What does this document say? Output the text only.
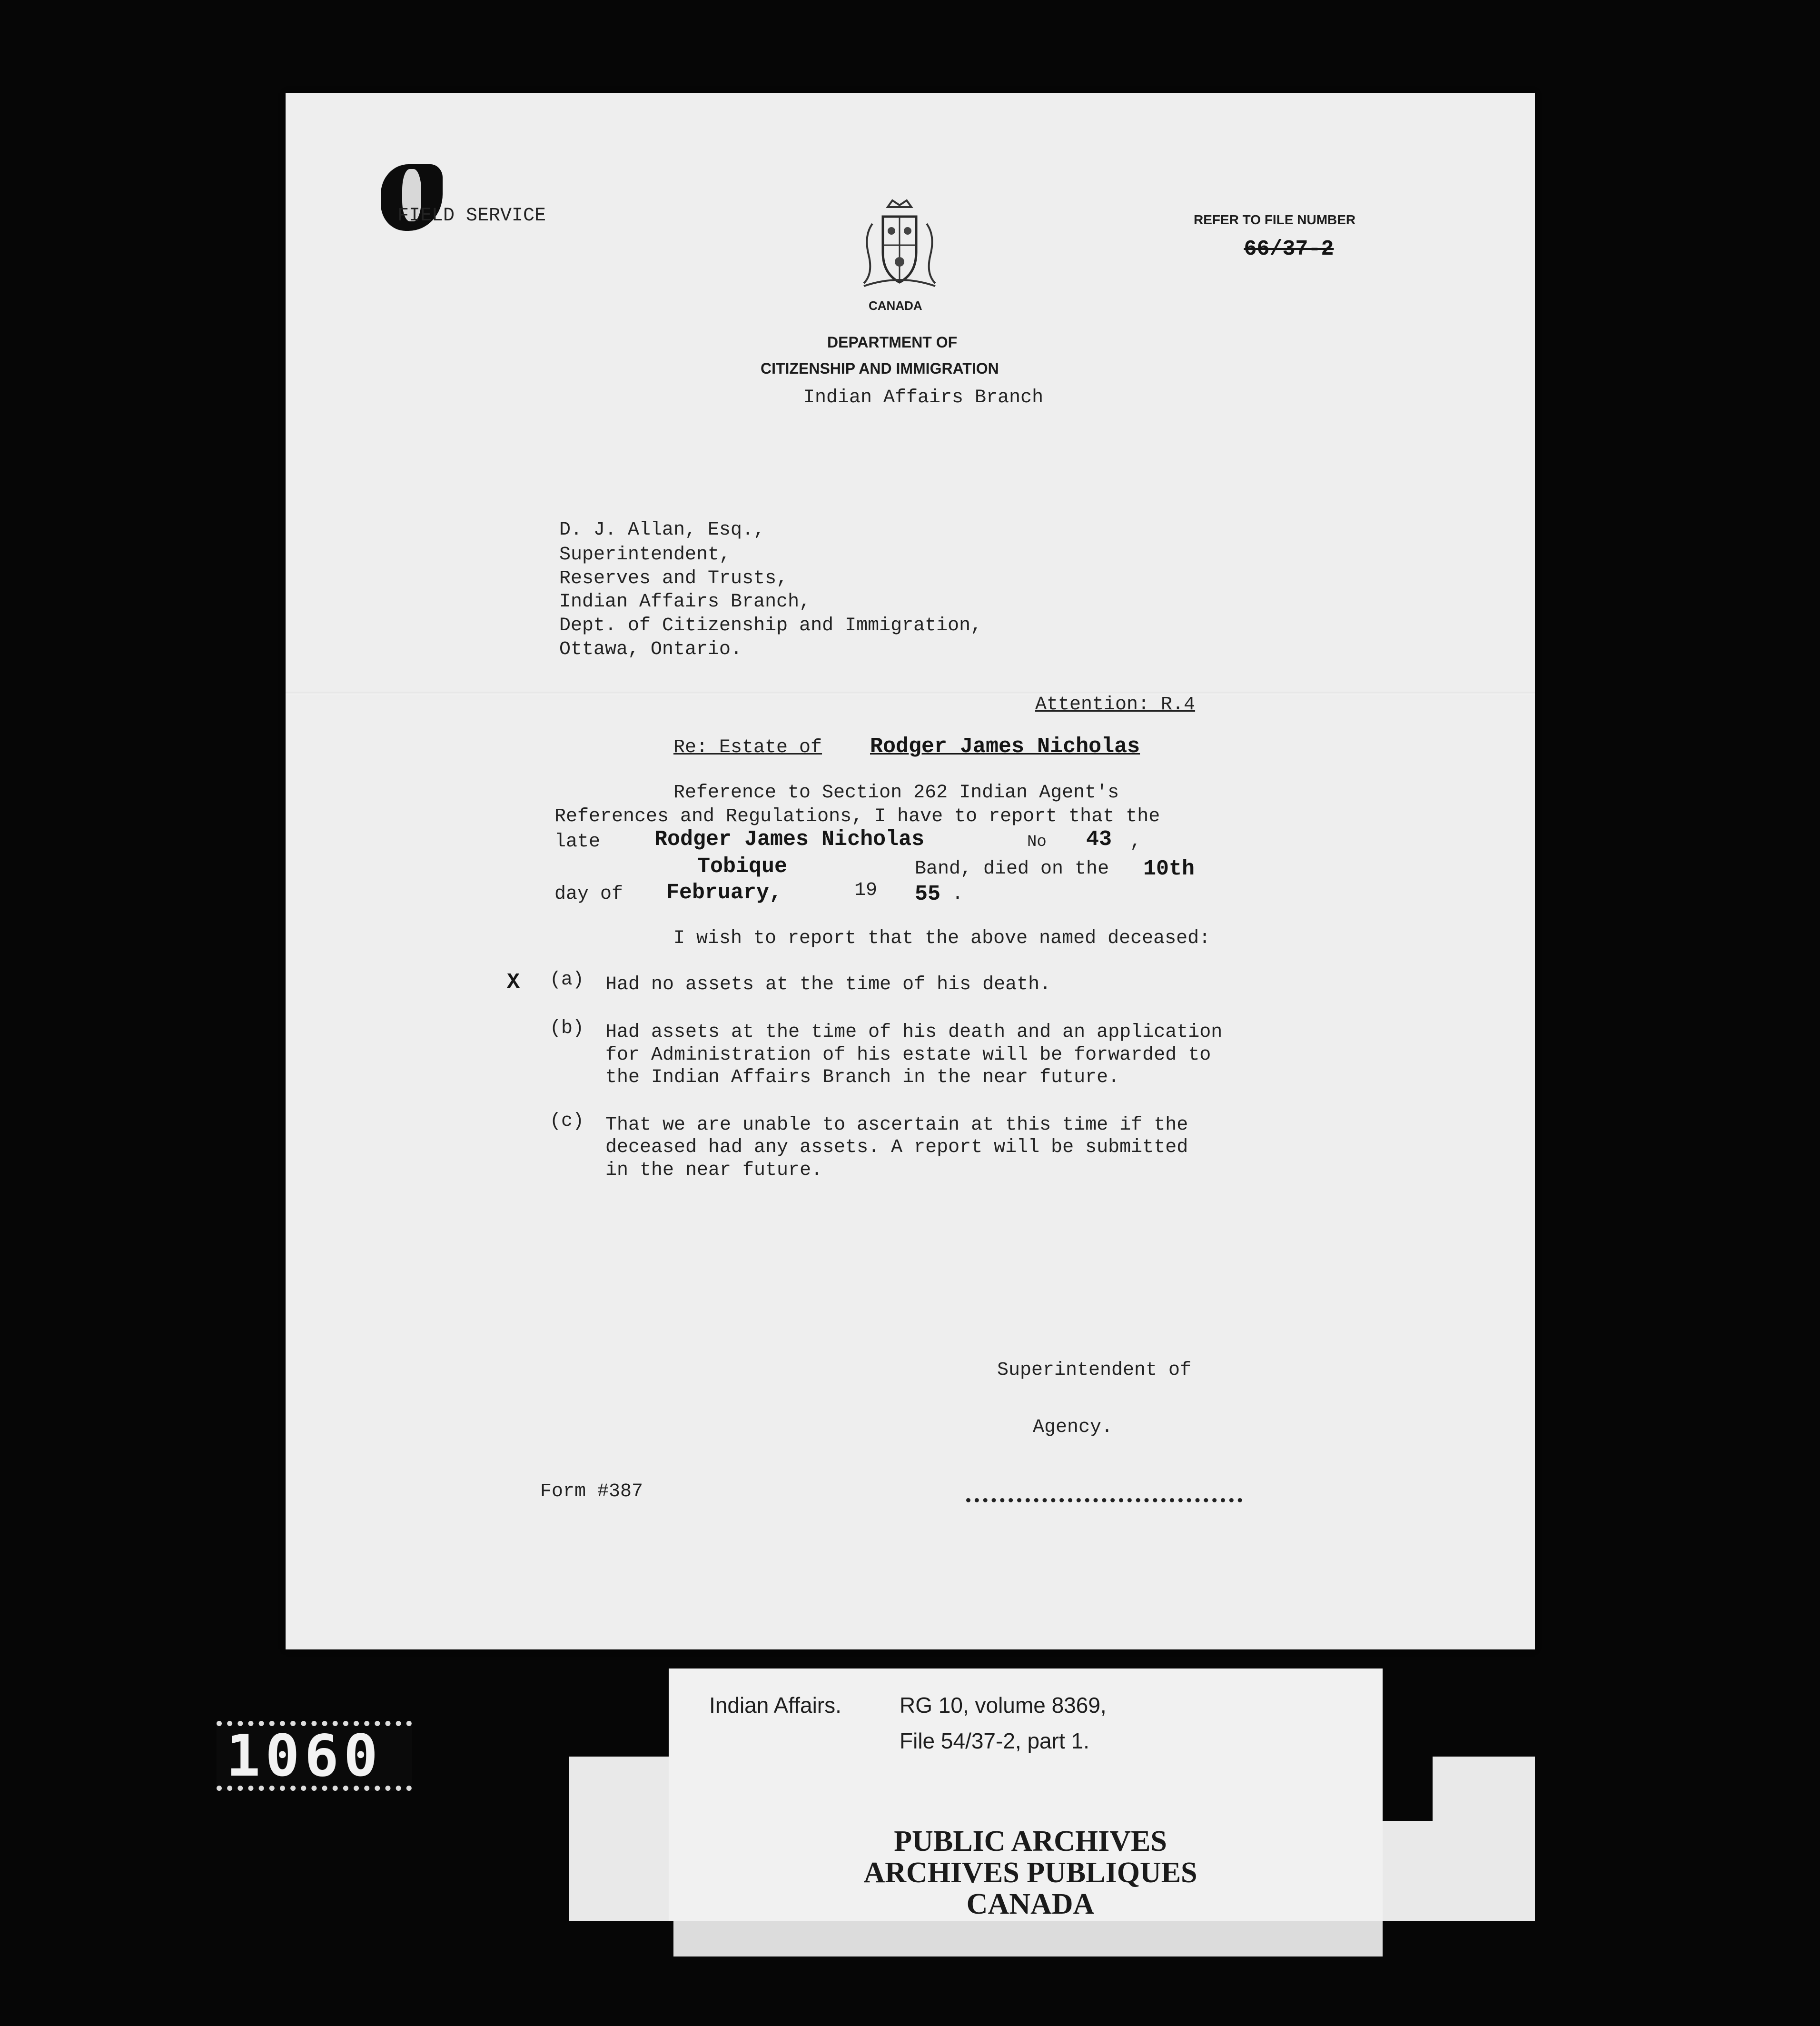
FIELD SERVICE

CANADA

DEPARTMENT OF

CITIZENSHIP AND IMMIGRATION

Indian Affairs Branch

REFER TO FILE NUMBER

66/37-2

D. J. Allan, Esq.,

Superintendent,

Reserves and Trusts,

Indian Affairs Branch,

Dept. of Citizenship and Immigration,

Ottawa, Ontario.

Attention: R.4

Re: Estate of Rodger James Nicholas

Reference to Section 262 Indian Agent's

References and Regulations, I have to report that the

late	Rodger James Nicholas	No 43 ,

Tobique	Band, died on the 10th

day of February,	19 55 .

I wish to report that the above named deceased:

X (a) Had no assets at the time of his death.

(b) Had assets at the time of his death and an application

for Administration of his estate will be forwarded to

the Indian Affairs Branch in the near future.

(c) That we are unable to ascertain at this time if the

deceased had any assets. A report will be submitted

in the near future.

Superintendent of

Agency.

Form #387

Indian Affairs.	RG 10, volume 8369,

File 54/37-2, part 1.

PUBLIC ARCHIVES
ARCHIVES PUBLIQUES
CANADA

1060
